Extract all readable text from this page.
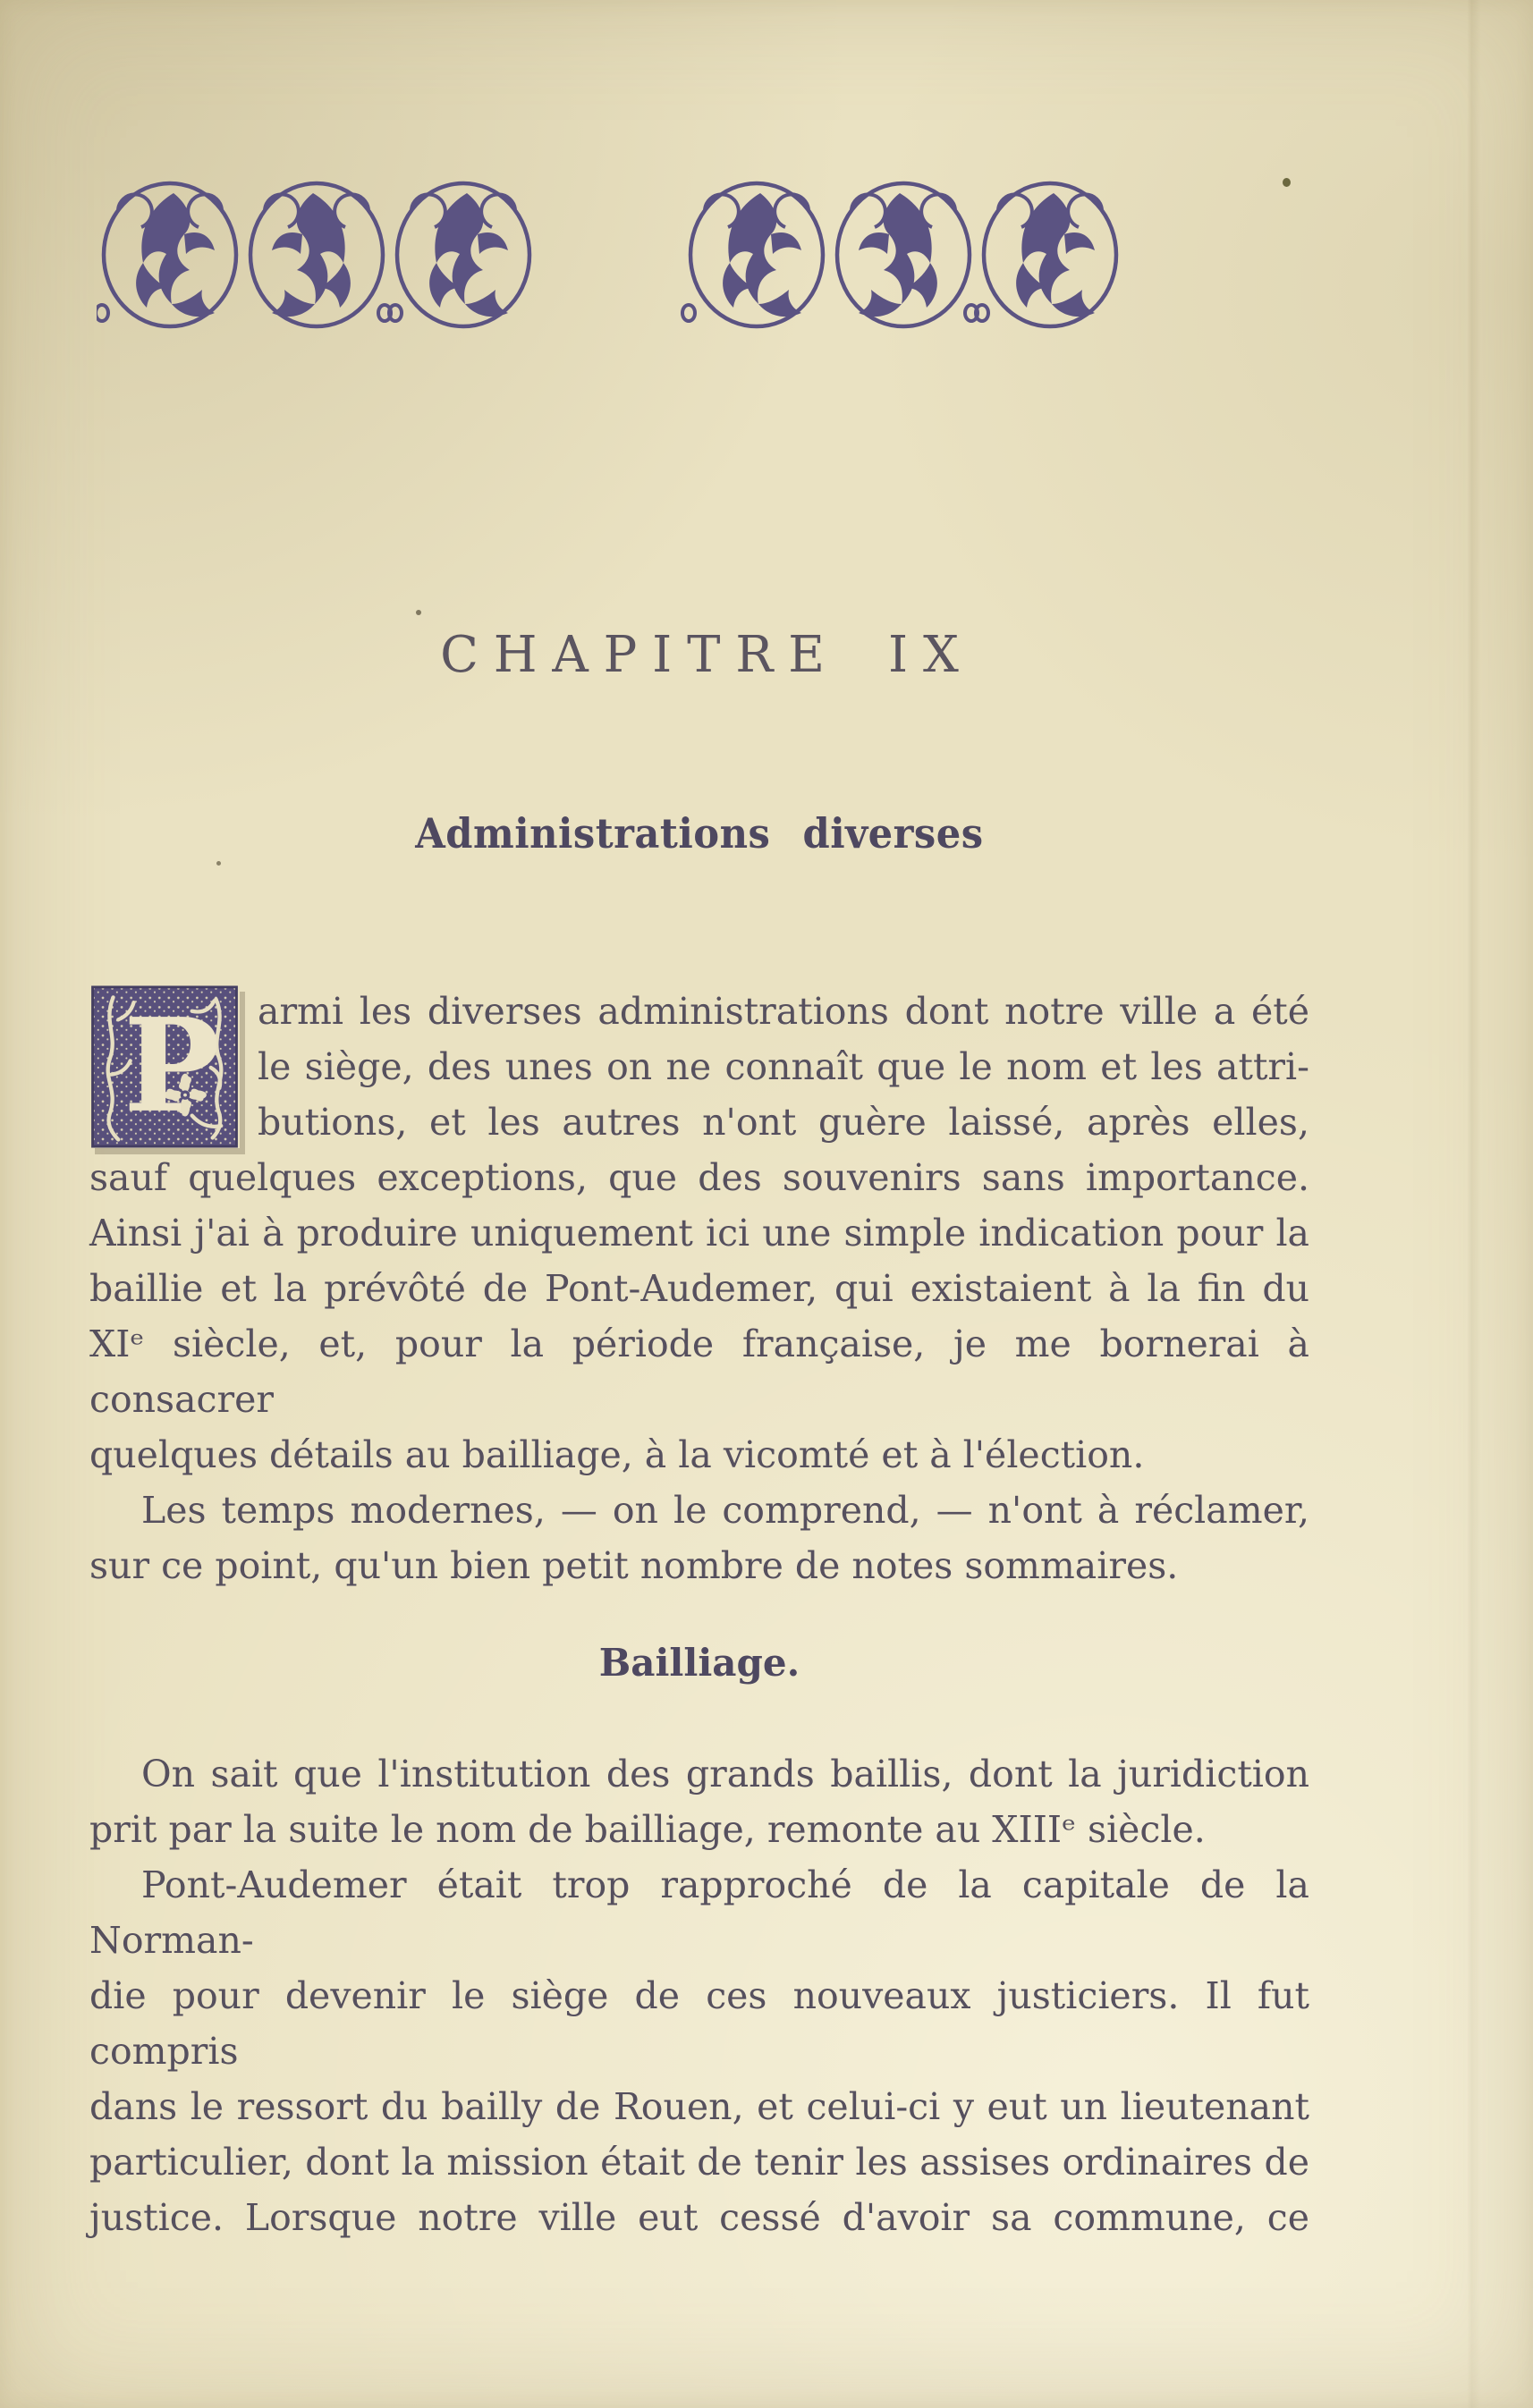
CHAPITRE IX
Administrations diverses
P	armi les diverses administrations dont notre ville a été
le siège, des unes on ne connaît que le nom et les attri-
butions, et les autres n'ont guère laissé, après elles,
sauf quelques exceptions, que des souvenirs sans importance.
Ainsi j'ai à produire uniquement ici une simple indication pour la
baillie et la prévôté de Pont-Audemer, qui existaient à la fin du
XIᵉ siècle, et, pour la période française, je me bornerai à consacrer
quelques détails au bailliage, à la vicomté et à l'élection.
Les temps modernes, — on le comprend, — n'ont à réclamer,
sur ce point, qu'un bien petit nombre de notes sommaires.
Bailliage.
On sait que l'institution des grands baillis, dont la juridiction
prit par la suite le nom de bailliage, remonte au XIIIᵉ siècle.
Pont-Audemer était trop rapproché de la capitale de la Norman-
die pour devenir le siège de ces nouveaux justiciers. Il fut compris
dans le ressort du bailly de Rouen, et celui-ci y eut un lieutenant
particulier, dont la mission était de tenir les assises ordinaires de
justice. Lorsque notre ville eut cessé d'avoir sa commune, ce
